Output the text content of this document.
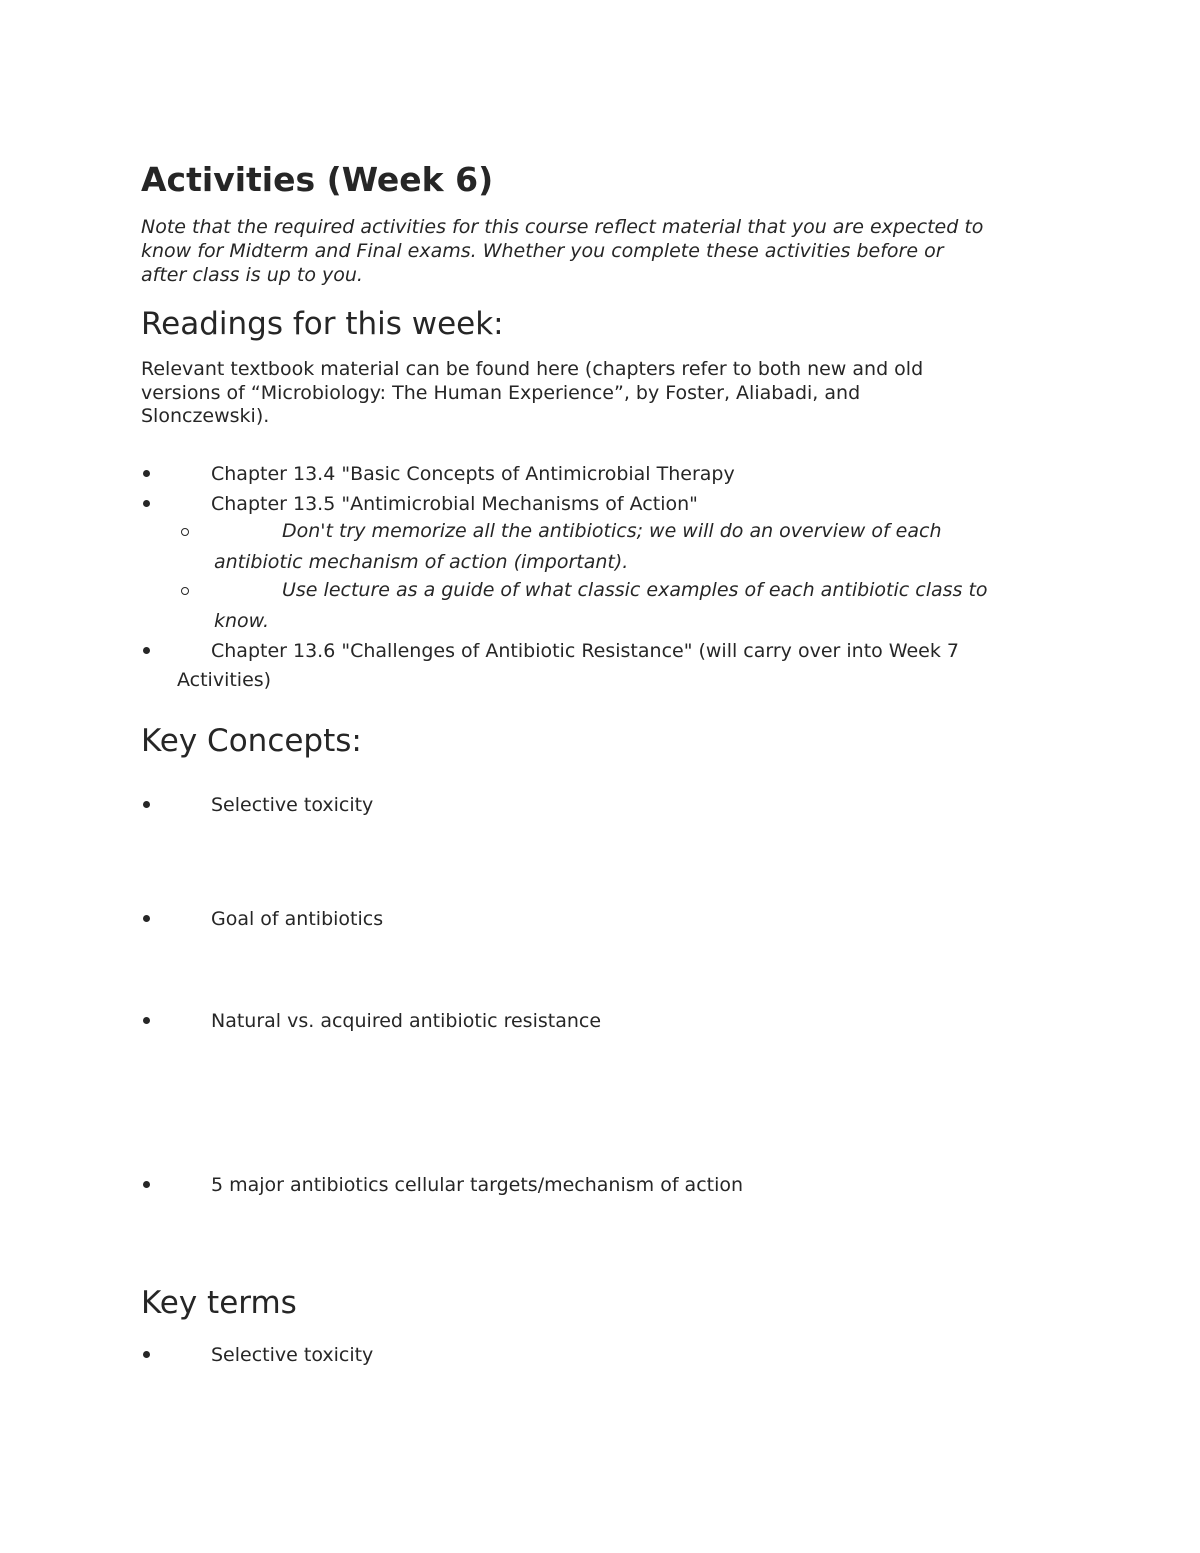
Activities (Week 6)
Note that the required activities for this course reflect material that you are expected to
know for Midterm and Final exams. Whether you complete these activities before or
after class is up to you.
Readings for this week:
Relevant textbook material can be found here (chapters refer to both new and old
versions of “Microbiology: The Human Experience”, by Foster, Aliabadi, and
Slonczewski).
Chapter 13.4 "Basic Concepts of Antimicrobial Therapy
Chapter 13.5 "Antimicrobial Mechanisms of Action"
Don't try memorize all the antibiotics; we will do an overview of each
antibiotic mechanism of action (important).
Use lecture as a guide of what classic examples of each antibiotic class to
know.
Chapter 13.6 "Challenges of Antibiotic Resistance" (will carry over into Week 7
Activities)
Key Concepts:
Selective toxicity
Goal of antibiotics
Natural vs. acquired antibiotic resistance
5 major antibiotics cellular targets/mechanism of action
Key terms
Selective toxicity
